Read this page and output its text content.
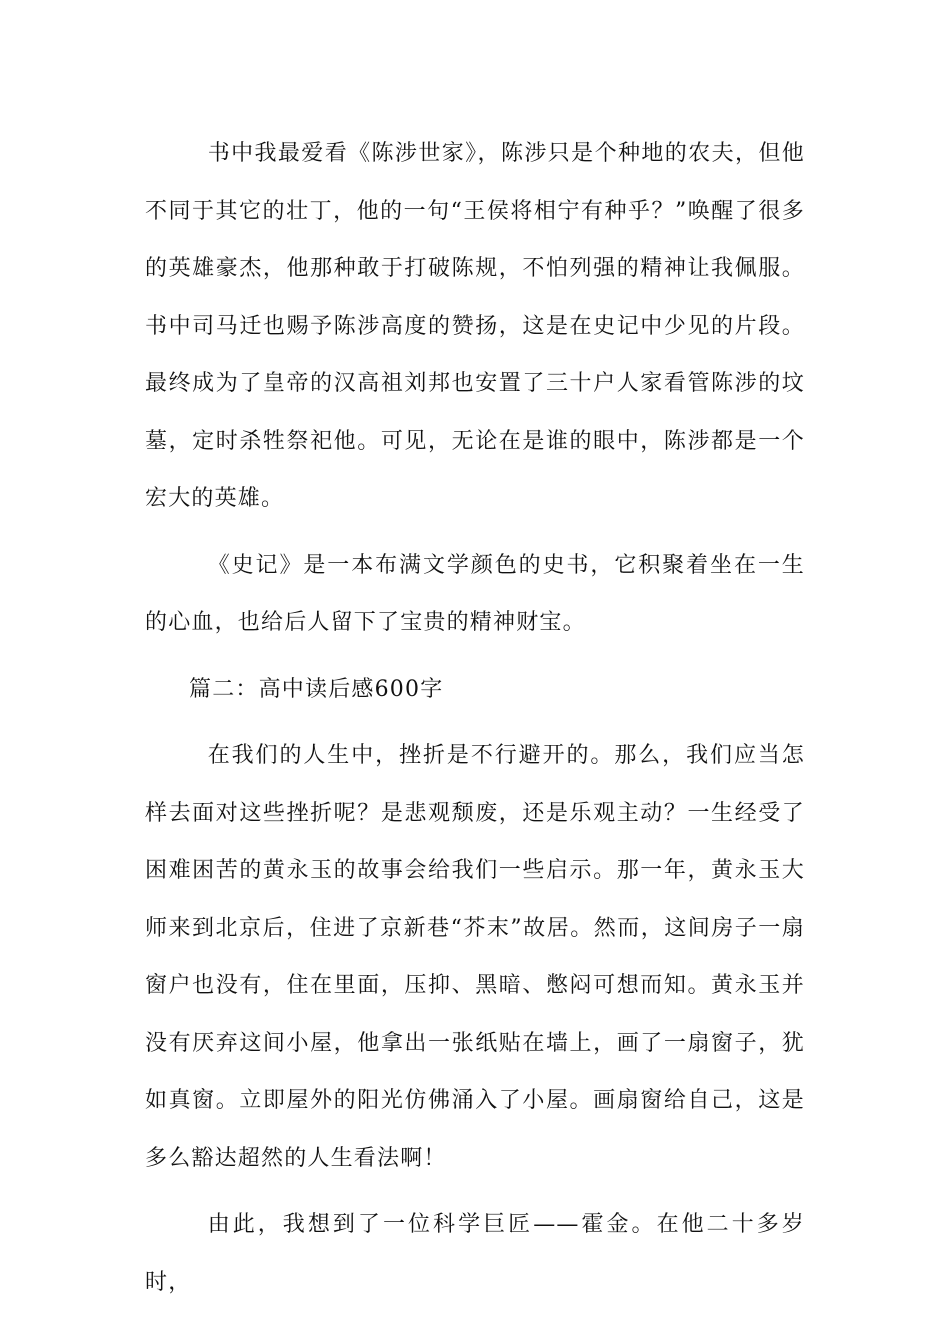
书中我最爱看《陈涉世家》，陈涉只是个种地的农夫，但他不同于其它的壮丁，他的一句“王侯将相宁有种乎？”唤醒了很多的英雄豪杰，他那种敢于打破陈规，不怕列强的精神让我佩服。书中司马迁也赐予陈涉高度的赞扬，这是在史记中少见的片段。最终成为了皇帝的汉高祖刘邦也安置了三十户人家看管陈涉的坟墓，定时杀牲祭祀他。可见，无论在是谁的眼中，陈涉都是一个宏大的英雄。

《史记》是一本布满文学颜色的史书，它积聚着坐在一生的心血，也给后人留下了宝贵的精神财宝。

篇二：高中读后感600字

在我们的人生中，挫折是不行避开的。那么，我们应当怎样去面对这些挫折呢？是悲观颓废，还是乐观主动？一生经受了困难困苦的黄永玉的故事会给我们一些启示。那一年，黄永玉大师来到北京后，住进了京新巷“芥末”故居。然而，这间房子一扇窗户也没有，住在里面，压抑、黑暗、憋闷可想而知。黄永玉并没有厌弃这间小屋，他拿出一张纸贴在墙上，画了一扇窗子，犹如真窗。立即屋外的阳光仿佛涌入了小屋。画扇窗给自己，这是多么豁达超然的人生看法啊！

由此，我想到了一位科学巨匠——霍金。在他二十多岁时，
